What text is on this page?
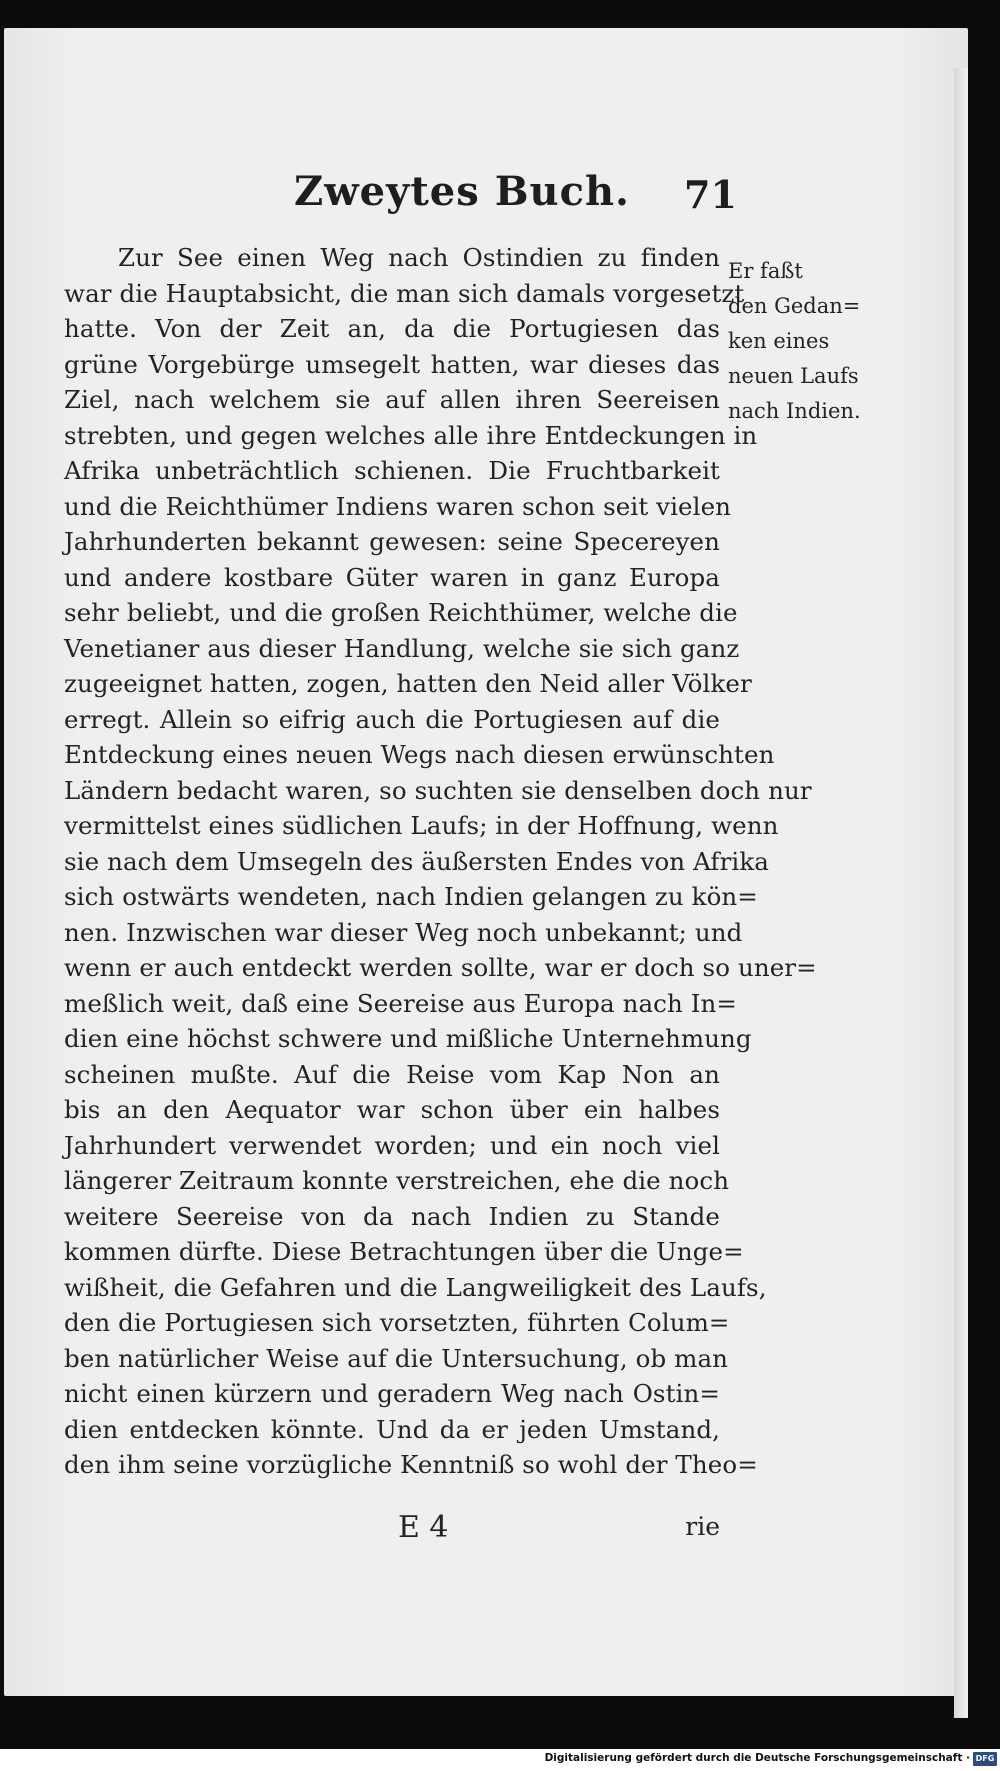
Zweytes Buch. 71
Zur See einen Weg nach Ostindien zu finden
war die Hauptabsicht, die man sich damals vorgesetzt
hatte. Von der Zeit an, da die Portugiesen das
grüne Vorgebürge umsegelt hatten, war dieses das
Ziel, nach welchem sie auf allen ihren Seereisen
strebten, und gegen welches alle ihre Entdeckungen in
Afrika unbeträchtlich schienen. Die Fruchtbarkeit
und die Reichthümer Indiens waren schon seit vielen
Jahrhunderten bekannt gewesen: seine Specereyen
und andere kostbare Güter waren in ganz Europa
sehr beliebt, und die großen Reichthümer, welche die
Venetianer aus dieser Handlung, welche sie sich ganz
zugeeignet hatten, zogen, hatten den Neid aller Völker
erregt. Allein so eifrig auch die Portugiesen auf die
Entdeckung eines neuen Wegs nach diesen erwünschten
Ländern bedacht waren, so suchten sie denselben doch nur
vermittelst eines südlichen Laufs; in der Hoffnung, wenn
sie nach dem Umsegeln des äußersten Endes von Afrika
sich ostwärts wendeten, nach Indien gelangen zu kön=
nen. Inzwischen war dieser Weg noch unbekannt; und
wenn er auch entdeckt werden sollte, war er doch so uner=
meßlich weit, daß eine Seereise aus Europa nach In=
dien eine höchst schwere und mißliche Unternehmung
scheinen mußte. Auf die Reise vom Kap Non an
bis an den Aequator war schon über ein halbes
Jahrhundert verwendet worden; und ein noch viel
längerer Zeitraum konnte verstreichen, ehe die noch
weitere Seereise von da nach Indien zu Stande
kommen dürfte. Diese Betrachtungen über die Unge=
wißheit, die Gefahren und die Langweiligkeit des Laufs,
den die Portugiesen sich vorsetzten, führten Colum=
ben natürlicher Weise auf die Untersuchung, ob man
nicht einen kürzern und geradern Weg nach Ostin=
dien entdecken könnte. Und da er jeden Umstand,
den ihm seine vorzügliche Kenntniß so wohl der Theo=
Er faßt
den Gedan=
ken eines
neuen Laufs
nach Indien.
E 4	rie
Digitalisierung gefördert durch die Deutsche Forschungsgemeinschaft · DFG
